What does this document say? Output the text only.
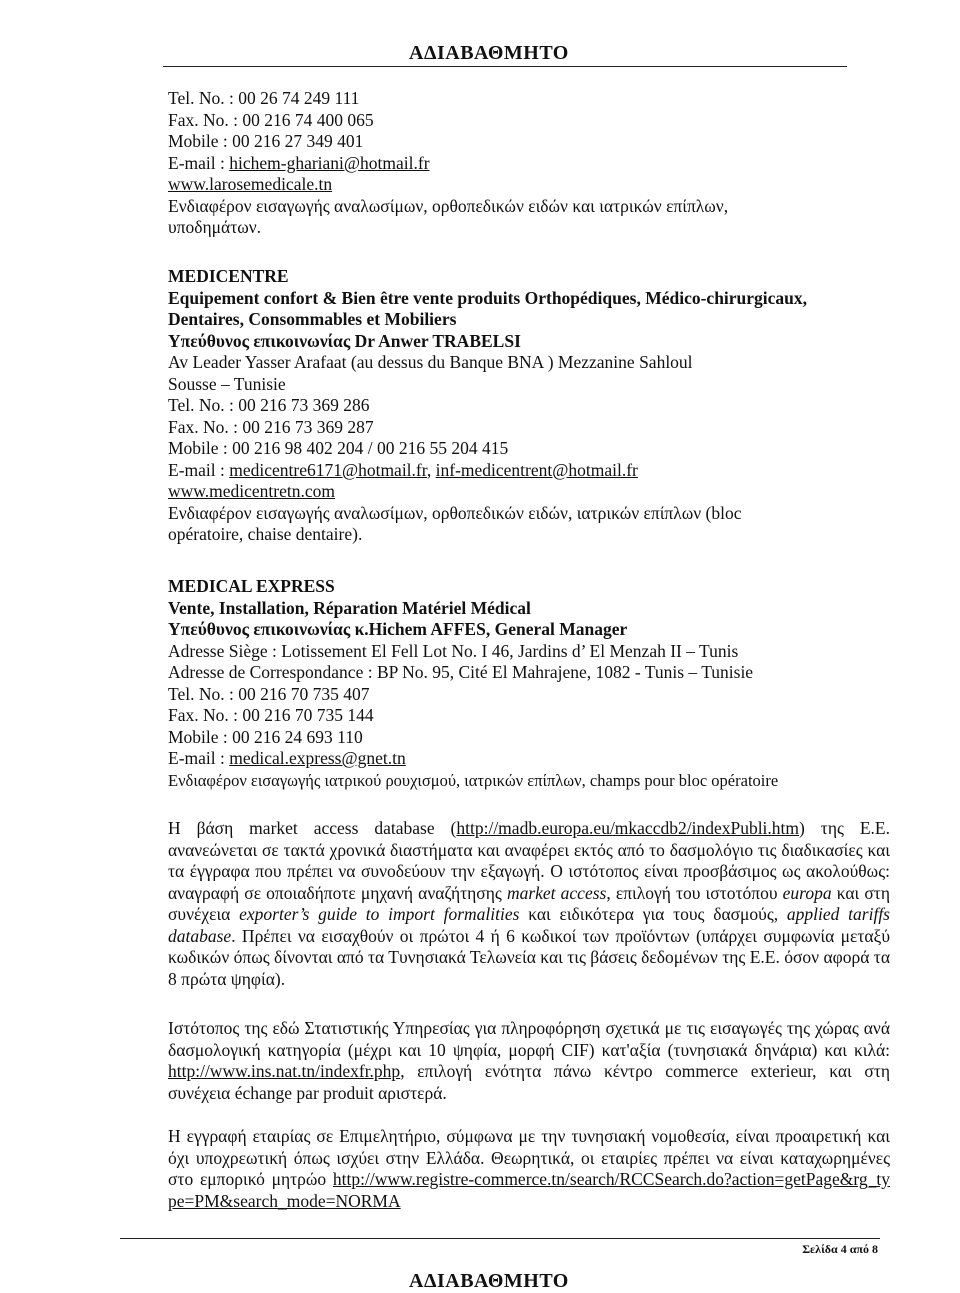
ΑΔΙΑΒΑΘΜΗΤΟ
Tel. No. : 00 26 74 249 111
Fax. No. : 00 216 74 400 065
Mobile : 00 216 27 349 401
E-mail : hichem-ghariani@hotmail.fr
www.larosemedicale.tn
Ενδιαφέρον εισαγωγής αναλωσίμων, ορθοπεδικών ειδών και ιατρικών επίπλων,
υποδημάτων.
MEDICENTRE
Equipement confort & Bien être vente produits Orthopédiques, Médico-chirurgicaux,
Dentaires, Consommables et Mobiliers
Υπεύθυνος επικοινωνίας Dr Anwer TRABELSI
Av Leader Yasser Arafaat (au dessus du Banque BNA ) Mezzanine Sahloul
Sousse – Tunisie
Tel. No. : 00 216 73 369 286
Fax. No. : 00 216 73 369 287
Mobile : 00 216 98 402 204 / 00 216 55 204 415
E-mail : medicentre6171@hotmail.fr, inf-medicentrent@hotmail.fr
www.medicentretn.com
Ενδιαφέρον εισαγωγής αναλωσίμων, ορθοπεδικών ειδών, ιατρικών επίπλων (bloc
opératoire, chaise dentaire).
MEDICAL EXPRESS
Vente, Installation, Réparation Matériel Médical
Υπεύθυνος επικοινωνίας κ.Hichem AFFES, General Manager
Adresse Siège : Lotissement El Fell Lot No. I 46, Jardins d’ El Menzah II – Tunis
Adresse de Correspondance : BP No. 95, Cité El Mahrajene, 1082 - Tunis – Tunisie
Tel. No. : 00 216 70 735 407
Fax. No. : 00 216 70 735 144
Mobile : 00 216 24 693 110
E-mail : medical.express@gnet.tn
Ενδιαφέρον εισαγωγής ιατρικού ρουχισμού, ιατρικών επίπλων, champs pour bloc opératoire

Η βάση market access database (http://madb.europa.eu/mkaccdb2/indexPubli.htm) της Ε.Ε. ανανεώνεται σε τακτά χρονικά διαστήματα και αναφέρει εκτός από το δασμολόγιο τις διαδικασίες και τα έγγραφα που πρέπει να συνοδεύουν την εξαγωγή. Ο ιστότοπος είναι προσβάσιμος ως ακολούθως: αναγραφή σε οποιαδήποτε μηχανή αναζήτησης market access, επιλογή του ιστοτόπου europa και στη συνέχεια exporter’s guide to import formalities και ειδικότερα για τους δασμούς, applied tariffs database. Πρέπει να εισαχθούν οι πρώτοι 4 ή 6 κωδικοί των προϊόντων (υπάρχει συμφωνία μεταξύ κωδικών όπως δίνονται από τα Τυνησιακά Τελωνεία και τις βάσεις δεδομένων της Ε.Ε. όσον αφορά τα 8 πρώτα ψηφία).

Ιστότοπος της εδώ Στατιστικής Υπηρεσίας για πληροφόρηση σχετικά με τις εισαγωγές της χώρας ανά δασμολογική κατηγορία (μέχρι και 10 ψηφία, μορφή CIF) κατ'αξία (τυνησιακά δηνάρια) και κιλά: http://www.ins.nat.tn/indexfr.php, επιλογή ενότητα πάνω κέντρο commerce exterieur, και στη συνέχεια échange par produit αριστερά.

Η εγγραφή εταιρίας σε Επιμελητήριο, σύμφωνα με την τυνησιακή νομοθεσία, είναι προαιρετική και όχι υποχρεωτική όπως ισχύει στην Ελλάδα. Θεωρητικά, οι εταιρίες πρέπει να είναι καταχωρημένες στο εμπορικό μητρώο http://www.registre-commerce.tn/search/RCCSearch.do?action=getPage&rg_type=PM&search_mode=NORMA

Σελίδα 4 από 8
ΑΔΙΑΒΑΘΜΗΤΟ
